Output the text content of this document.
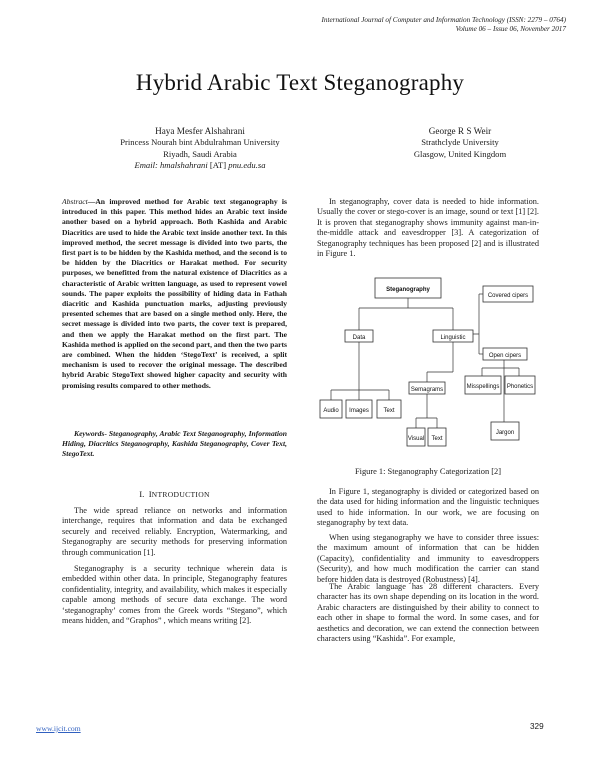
International Journal of Computer and Information Technology (ISSN: 2279 – 0764)
Volume 06 – Issue 06, November 2017
Hybrid Arabic Text Steganography
Haya Mesfer Alshahrani
Princess Nourah bint Abdulrahman University
Riyadh, Saudi Arabia
Email: hmalshahrani [AT] pnu.edu.sa
George R S Weir
Strathclyde University
Glasgow, United Kingdom
Abstract—An improved method for Arabic text steganography is introduced in this paper. This method hides an Arabic text inside another based on a hybrid approach. Both Kashida and Arabic Diacritics are used to hide the Arabic text inside another text. In this improved method, the secret message is divided into two parts, the first part is to be hidden by the Kashida method, and the second is to be hidden by the Diacritics or Harakat method. For security purposes, we benefitted from the natural existence of Diacritics as a characteristic of Arabic written language, as used to represent vowel sounds. The paper exploits the possibility of hiding data in Fathah diacritic and Kashida punctuation marks, adjusting previously presented schemes that are based on a single method only. Here, the secret message is divided into two parts, the cover text is prepared, and then we apply the Harakat method on the first part. The Kashida method is applied on the second part, and then the two parts are combined. When the hidden ‘StegoText’ is received, a split mechanism is used to recover the original message. The described hybrid Arabic StegoText showed higher capacity and security with promising results compared to other methods.
Keywords- Steganography, Arabic Text Steganography, Information Hiding, Diacritics Steganography, Kashida Steganography, Cover Text, StegoText.
I. INTRODUCTION

The wide spread reliance on networks and information interchange, requires that information and data be exchanged securely and received reliably. Encryption, Watermarking, and Steganography are security methods for preserving information through communication [1].

Steganography is a security technique wherein data is embedded within other data. In principle, Steganography features confidentiality, integrity, and availability, which makes it especially capable among methods of secure data exchange. The word ‘steganography’ comes from the Greek words “Stegano”, which means hidden, and “Graphos” , which means writing [2].

In steganography, cover data is needed to hide information. Usually the cover or stego-cover is an image, sound or text [1] [2]. It is proven that steganography shows immunity against man-in-the-middle attack and eavesdropper [3]. A categorization of Steganography techniques has been proposed [2] and is illustrated in Figure 1.

Steganography
Data	Linguistic
Audio Images Text
Semagrams
Covered cipers
Open cipers
Visual Text
Misspellings Phonetics
Jargon
Figure 1: Steganography Categorization [2]

In Figure 1, steganography is divided or categorized based on the data used for hiding information and the linguistic techniques used to hide information. In our work, we are focusing on steganography by text data.

When using steganography we have to consider three issues: the maximum amount of information that can be hidden (Capacity), confidentiality and immunity to eavesdroppers (Security), and how much modification the carrier can stand before hidden data is destroyed (Robustness) [4].

The Arabic language has 28 different characters. Every character has its own shape depending on its location in the word. Arabic characters are distinguished by their ability to connect to each other in shape to formal the word. In some cases, and for aesthetics and decoration, we can extend the connection between characters using “Kashida”. For example,

www.ijcit.com	329
